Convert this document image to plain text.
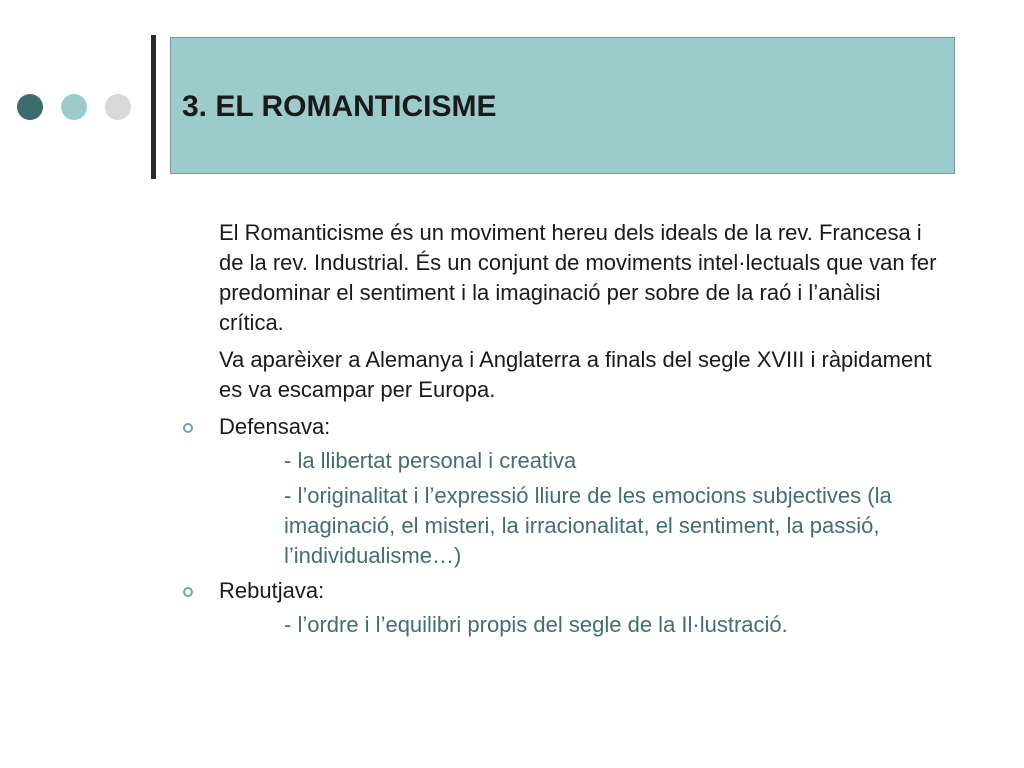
3. EL ROMANTICISME

El Romanticisme és un moviment hereu dels ideals de la rev. Francesa i de la rev. Industrial. És un conjunt de moviments intel·lectuals que van fer predominar el sentiment i la imaginació per sobre de la raó i l’anàlisi crítica.

Va aparèixer a Alemanya i Anglaterra a finals del segle XVIII i ràpidament es va escampar per Europa.

Defensava:

- la llibertat personal i creativa

- l’originalitat i l’expressió lliure de les emocions subjectives (la imaginació, el misteri, la irracionalitat, el sentiment, la passió, l’individualisme…)

Rebutjava:

- l’ordre i l’equilibri propis del segle de la Il·lustració.
